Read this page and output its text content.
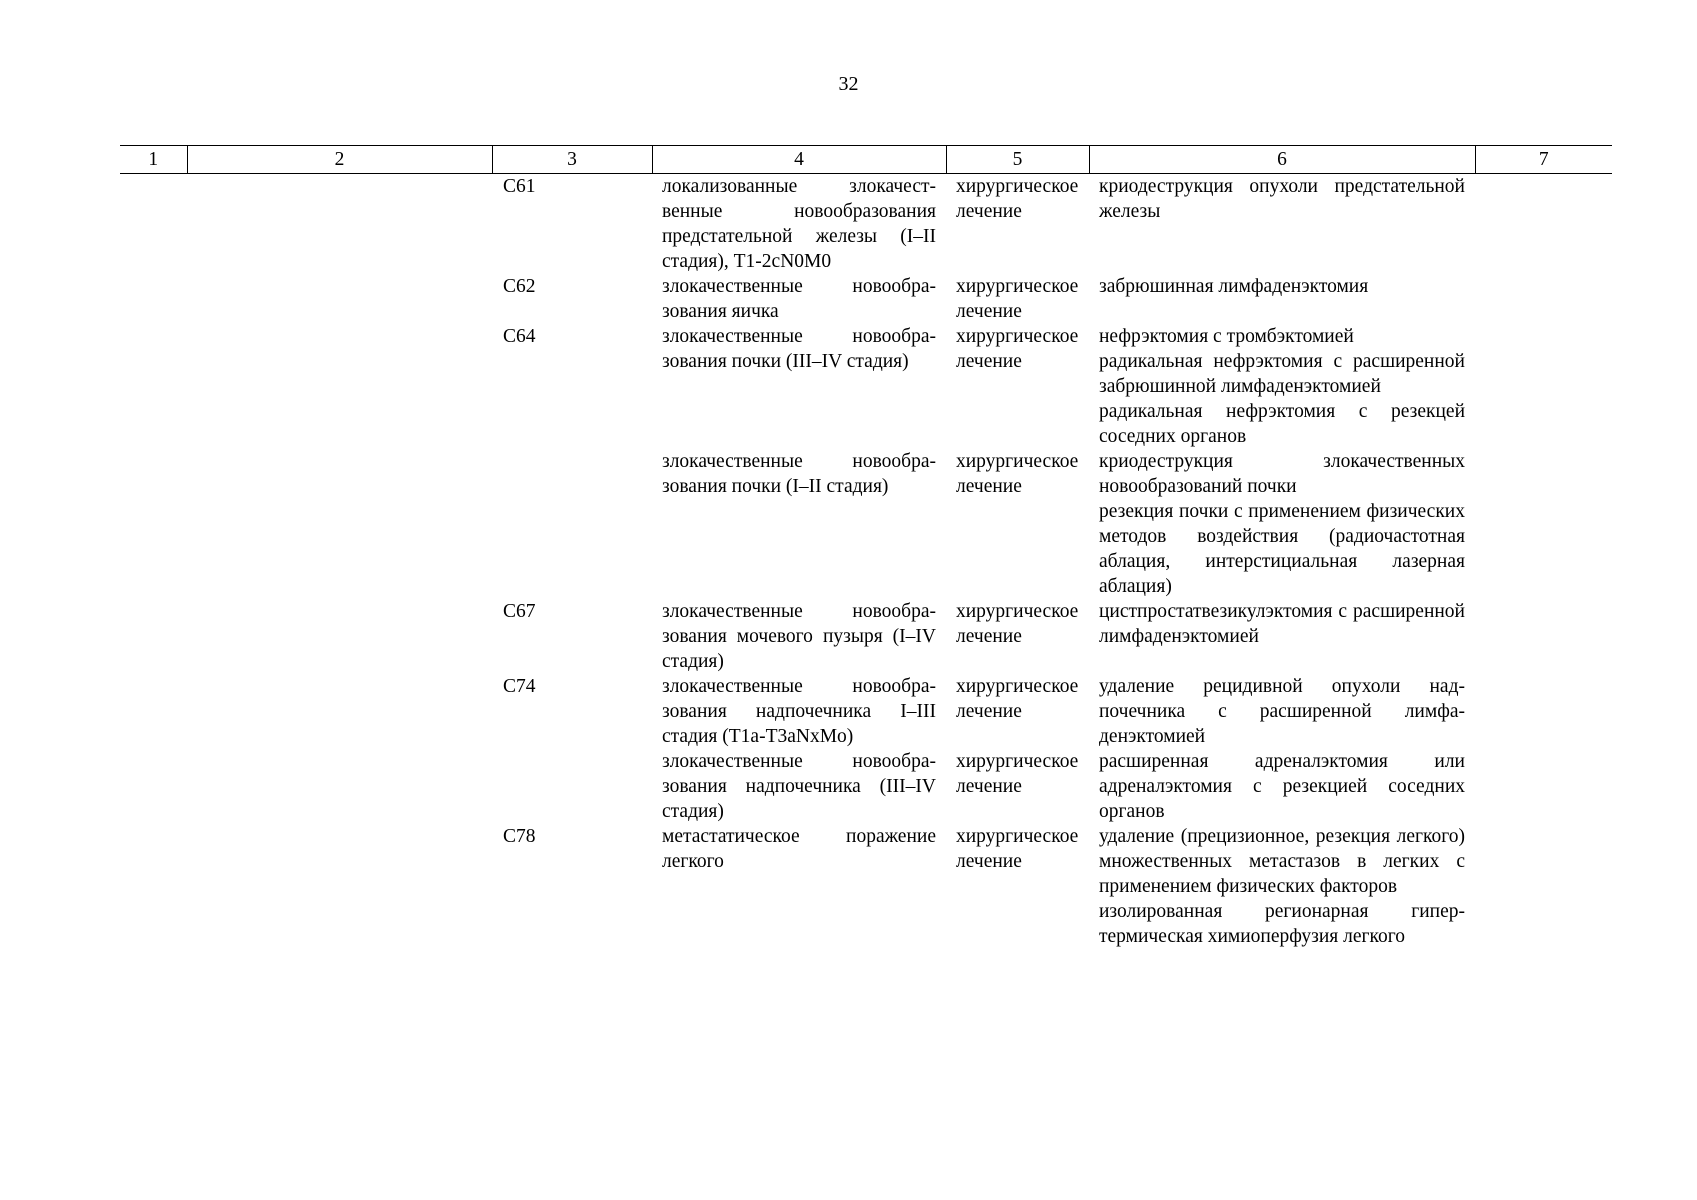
32
1	2	3	4	5	6	7
		C61	локализованные злокачественные новообразования предстательной железы (I–II стадия), T1-2cN0M0	хирургическое лечение	криодеструкция опухоли предстательной железы	

		C62	злокачественные новообразования яичка	хирургическое лечение	забрюшинная лимфаденэктомия	

		C64	злокачественные новообразования почки (III–IV стадия)	хирургическое лечение	нефрэктомия с тромбэктомией
радикальная нефрэктомия с расширенной забрюшинной лимфаденэктомией
радикальная нефрэктомия с резекцей соседних органов	

			злокачественные новообразования почки (I–II стадия)	хирургическое лечение	криодеструкция злокачественных новообразований почки
резекция почки с применением физических методов воздействия (радиочастотная аблация, интерстициальная лазерная аблация)	

		C67	злокачественные новообразования мочевого пузыря (I–IV стадия)	хирургическое лечение	цистпростатвезикулэктомия с расширенной лимфаденэктомией	

		C74	злокачественные новообразования надпочечника I–III стадия (T1a-T3aNxMo)	хирургическое лечение	удаление рецидивной опухоли надпочечника с расширенной лимфаденэктомией	

			злокачественные новообразования надпочечника (III–IV стадия)	хирургическое лечение	расширенная адреналэктомия или адреналэктомия с резекцией соседних органов	

		C78	метастатическое поражение легкого	хирургическое лечение	удаление (прецизионное, резекция легкого) множественных метастазов в легких с применением физических факторов
изолированная регионарная гипертермическая химиоперфузия легкого	
